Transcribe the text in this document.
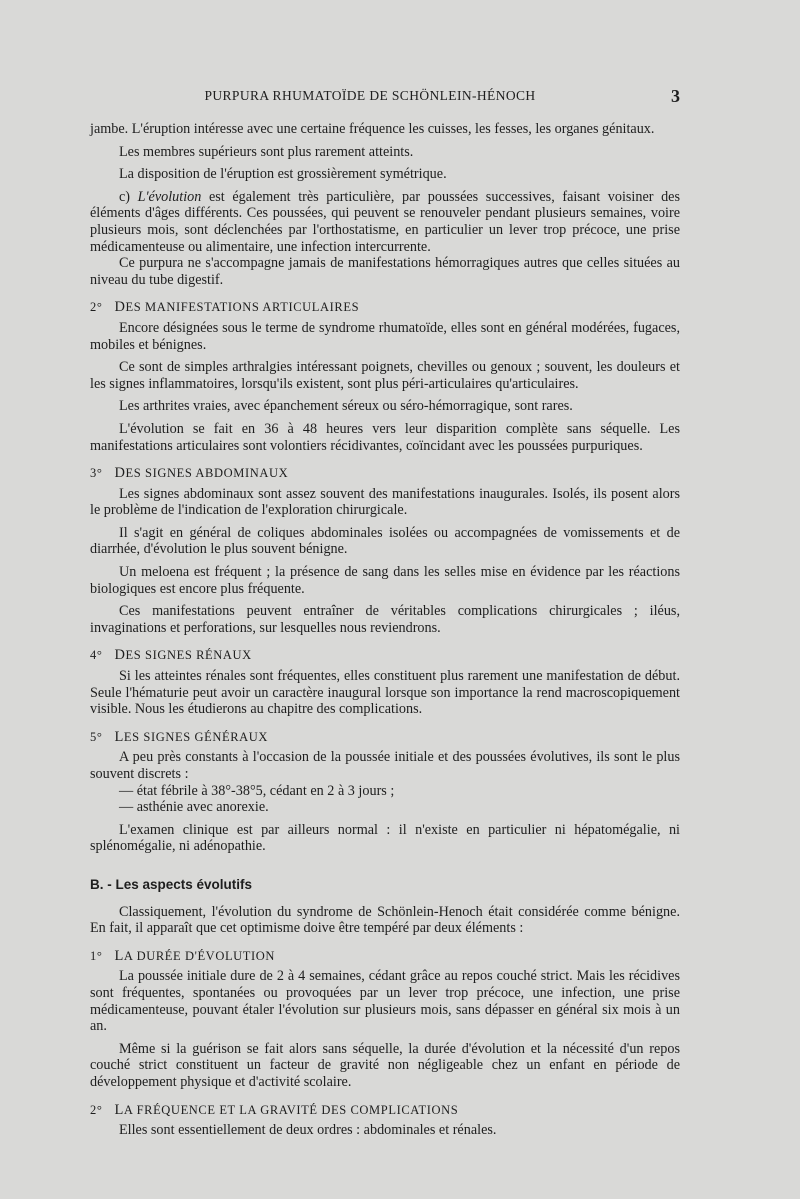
PURPURA RHUMATOÏDE DE SCHÖNLEIN-HÉNOCH	3

jambe. L'éruption intéresse avec une certaine fréquence les cuisses, les fesses, les organes génitaux.

Les membres supérieurs sont plus rarement atteints.

La disposition de l'éruption est grossièrement symétrique.

c) L'évolution est également très particulière, par poussées successives, faisant voisiner des éléments d'âges différents. Ces poussées, qui peuvent se renouveler pendant plusieurs semaines, voire plusieurs mois, sont déclenchées par l'orthostatisme, en particulier un lever trop précoce, une prise médicamenteuse ou alimentaire, une infection intercurrente.

Ce purpura ne s'accompagne jamais de manifestations hémorragiques autres que celles situées au niveau du tube digestif.

2° DES MANIFESTATIONS ARTICULAIRES

Encore désignées sous le terme de syndrome rhumatoïde, elles sont en général modérées, fugaces, mobiles et bénignes.

Ce sont de simples arthralgies intéressant poignets, chevilles ou genoux ; souvent, les douleurs et les signes inflammatoires, lorsqu'ils existent, sont plus péri-articulaires qu'articulaires.

Les arthrites vraies, avec épanchement séreux ou séro-hémorragique, sont rares.

L'évolution se fait en 36 à 48 heures vers leur disparition complète sans séquelle. Les manifestations articulaires sont volontiers récidivantes, coïncidant avec les poussées purpuriques.

3° DES SIGNES ABDOMINAUX

Les signes abdominaux sont assez souvent des manifestations inaugurales. Isolés, ils posent alors le problème de l'indication de l'exploration chirurgicale.

Il s'agit en général de coliques abdominales isolées ou accompagnées de vomissements et de diarrhée, d'évolution le plus souvent bénigne.

Un meloena est fréquent ; la présence de sang dans les selles mise en évidence par les réactions biologiques est encore plus fréquente.

Ces manifestations peuvent entraîner de véritables complications chirurgicales ; iléus, invaginations et perforations, sur lesquelles nous reviendrons.

4° DES SIGNES RÉNAUX

Si les atteintes rénales sont fréquentes, elles constituent plus rarement une manifestation de début. Seule l'hématurie peut avoir un caractère inaugural lorsque son importance la rend macroscopiquement visible. Nous les étudierons au chapitre des complications.

5° LES SIGNES GÉNÉRAUX

A peu près constants à l'occasion de la poussée initiale et des poussées évolutives, ils sont le plus souvent discrets :

— état fébrile à 38°-38°5, cédant en 2 à 3 jours ;

— asthénie avec anorexie.

L'examen clinique est par ailleurs normal : il n'existe en particulier ni hépatomégalie, ni splénomégalie, ni adénopathie.

B. - Les aspects évolutifs

Classiquement, l'évolution du syndrome de Schönlein-Henoch était considérée comme bénigne. En fait, il apparaît que cet optimisme doive être tempéré par deux éléments :

1° LA DURÉE D'ÉVOLUTION

La poussée initiale dure de 2 à 4 semaines, cédant grâce au repos couché strict. Mais les récidives sont fréquentes, spontanées ou provoquées par un lever trop précoce, une infection, une prise médicamenteuse, pouvant étaler l'évolution sur plusieurs mois, sans dépasser en général six mois à un an.

Même si la guérison se fait alors sans séquelle, la durée d'évolution et la nécessité d'un repos couché strict constituent un facteur de gravité non négligeable chez un enfant en période de développement physique et d'activité scolaire.

2° LA FRÉQUENCE ET LA GRAVITÉ DES COMPLICATIONS

Elles sont essentiellement de deux ordres : abdominales et rénales.
